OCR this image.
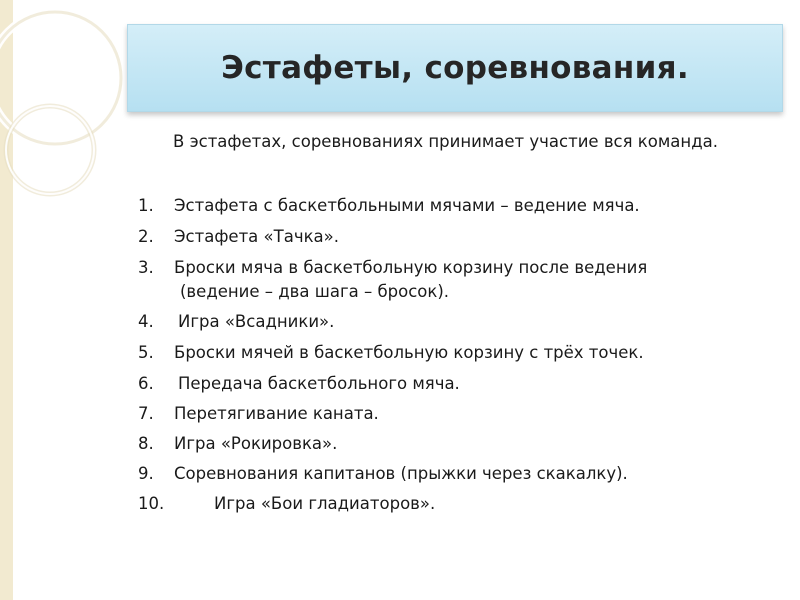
Эстафеты, соревнования.
В эстафетах, соревнованиях принимает участие вся команда.
1. Эстафета с баскетбольными мячами – ведение мяча.
2. Эстафета «Тачка».
3. Броски мяча в баскетбольную корзину после ведения
(ведение – два шага – бросок).
4. Игра «Всадники».
5. Броски мячей в баскетбольную корзину с трёх точек.
6. Передача баскетбольного мяча.
7. Перетягивание каната.
8. Игра «Рокировка».
9. Соревнования капитанов (прыжки через скакалку).
10.	Игра «Бои гладиаторов».
